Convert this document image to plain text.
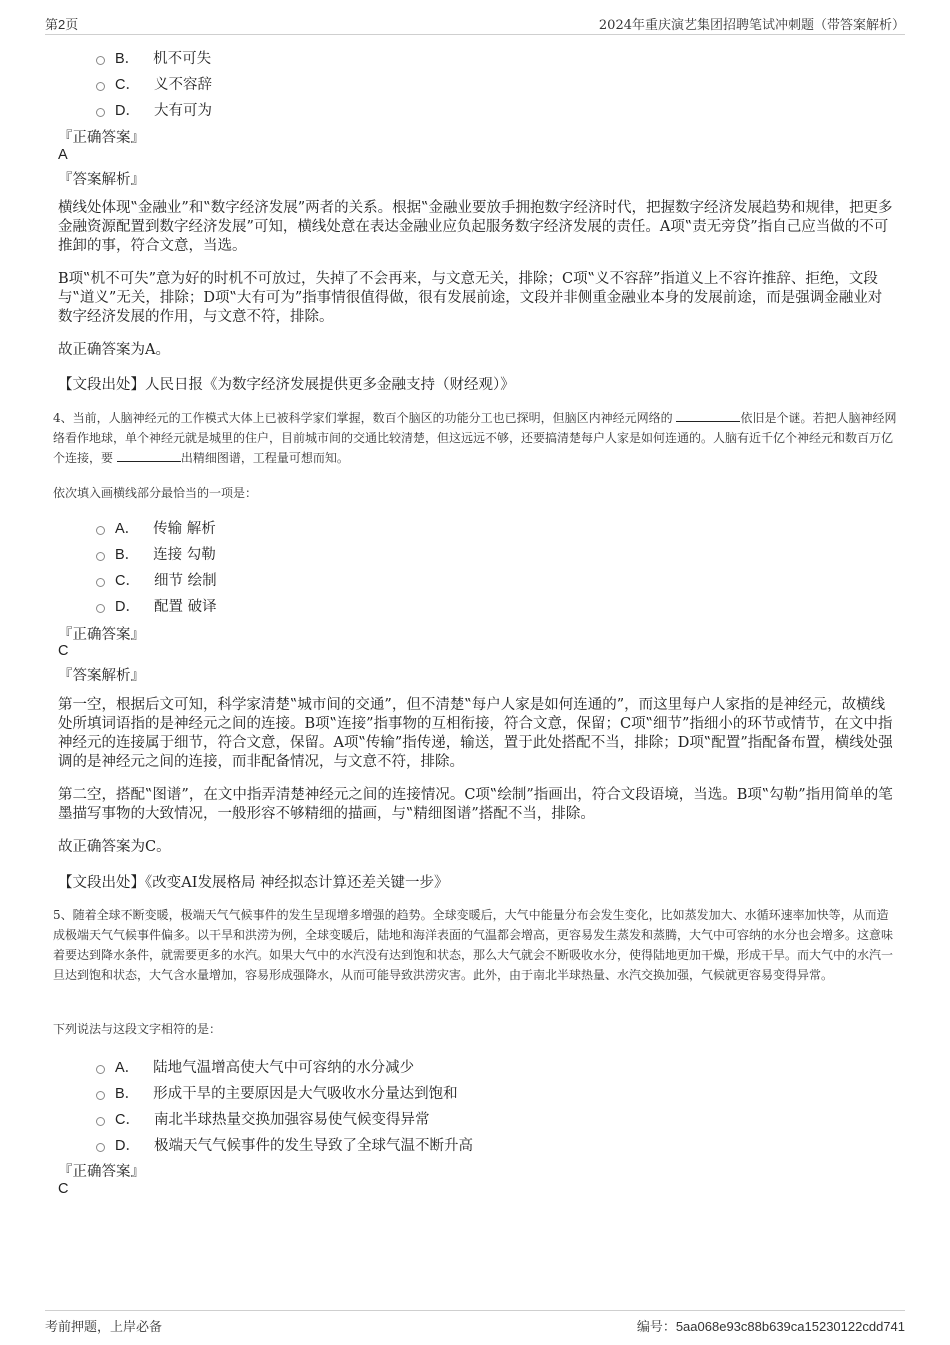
第2页	2024年重庆演艺集团招聘笔试冲刺题（带答案解析）
B． 机不可失
C． 义不容辞
D． 大有可为
『正确答案』
A
『答案解析』
横线处体现‟金融业”和‟数字经济发展”两者的关系。根据‟金融业要放手拥抱数字经济时代，把握数字经济发展趋势和规律，把更多金融资源配置到数字经济发展”可知，横线处意在表达金融业应负起服务数字经济发展的责任。A项‟责无旁贷”指自己应当做的不可推卸的事，符合文意，当选。
B项‟机不可失”意为好的时机不可放过，失掉了不会再来，与文意无关，排除；C项‟义不容辞”指道义上不容许推辞、拒绝，文段与‟道义”无关，排除；D项‟大有可为”指事情很值得做，很有发展前途，文段并非侧重金融业本身的发展前途，而是强调金融业对数字经济发展的作用，与文意不符，排除。
故正确答案为A。
【文段出处】人民日报《为数字经济发展提供更多金融支持（财经观）》
4、当前，人脑神经元的工作模式大体上已被科学家们掌握，数百个脑区的功能分工也已探明，但脑区内神经元网络的	依旧是个谜。若把人脑神经网络看作地球，单个神经元就是城里的住户，目前城市间的交通比较清楚，但这远远不够，还要搞清楚每户人家是如何连通的。人脑有近千亿个神经元和数百万亿个连接，要	出精细图谱，工程量可想而知。
依次填入画横线部分最恰当的一项是：
A． 传输 解析
B． 连接 勾勒
C． 细节 绘制
D． 配置 破译
『正确答案』
C
『答案解析』
第一空，根据后文可知，科学家清楚‟城市间的交通”，但不清楚‟每户人家是如何连通的”，而这里每户人家指的是神经元，故横线处所填词语指的是神经元之间的连接。B项‟连接”指事物的互相衔接，符合文意，保留；C项‟细节”指细小的环节或情节，在文中指神经元的连接属于细节，符合文意，保留。A项‟传输”指传递，输送，置于此处搭配不当，排除；D项‟配置”指配备布置，横线处强调的是神经元之间的连接，而非配备情况，与文意不符，排除。
第二空，搭配‟图谱”，在文中指弄清楚神经元之间的连接情况。C项‟绘制”指画出，符合文段语境，当选。B项‟勾勒”指用简单的笔墨描写事物的大致情况，一般形容不够精细的描画，与‟精细图谱”搭配不当，排除。
故正确答案为C。
【文段出处】《改变AI发展格局 神经拟态计算还差关键一步》
5、随着全球不断变暖，极端天气气候事件的发生呈现增多增强的趋势。全球变暖后，大气中能量分布会发生变化，比如蒸发加大、水循环速率加快等，从而造成极端天气气候事件偏多。以干旱和洪涝为例，全球变暖后，陆地和海洋表面的气温都会增高，更容易发生蒸发和蒸腾，大气中可容纳的水分也会增多。这意味着要达到降水条件，就需要更多的水汽。如果大气中的水汽没有达到饱和状态，那么大气就会不断吸收水分，使得陆地更加干燥，形成干旱。而大气中的水汽一旦达到饱和状态，大气含水量增加，容易形成强降水，从而可能导致洪涝灾害。此外，由于南北半球热量、水汽交换加强，气候就更容易变得异常。
下列说法与这段文字相符的是：
A． 陆地气温增高使大气中可容纳的水分减少
B． 形成干旱的主要原因是大气吸收水分量达到饱和
C． 南北半球热量交换加强容易使气候变得异常
D． 极端天气气候事件的发生导致了全球气温不断升高
『正确答案』
C
考前押题，上岸必备	编号：5aa068e93c88b639ca15230122cdd741
